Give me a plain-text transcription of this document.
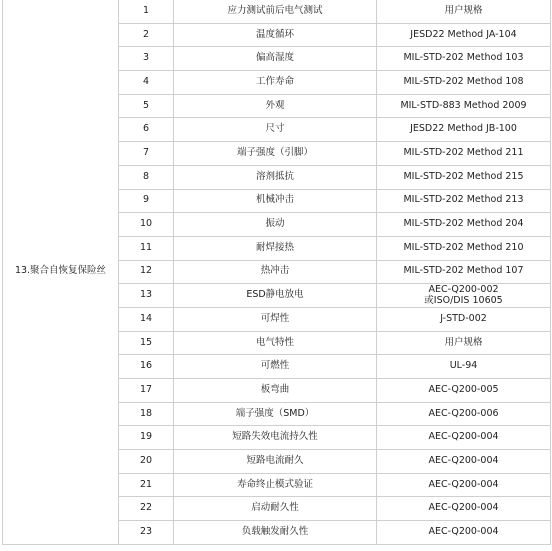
13.聚合自恢复保险丝	1	应力测试前后电气测试	用户规格
	2	温度循环	JESD22 Method JA-104
	3	偏高湿度	MIL-STD-202 Method 103
	4	工作寿命	MIL-STD-202 Method 108
	5	外观	MIL-STD-883 Method 2009
	6	尺寸	JESD22 Method JB-100
	7	端子强度（引脚）	MIL-STD-202 Method 211
	8	溶剂抵抗	MIL-STD-202 Method 215
	9	机械冲击	MIL-STD-202 Method 213
	10	振动	MIL-STD-202 Method 204
	11	耐焊接热	MIL-STD-202 Method 210
	12	热冲击	MIL-STD-202 Method 107
	13	ESD静电放电	AEC-Q200-002
或ISO/DIS 10605

	14	可焊性	J-STD-002
	15	电气特性	用户规格
	16	可燃性	UL-94
	17	板弯曲	AEC-Q200-005
	18	端子强度（SMD）	AEC-Q200-006
	19	短路失效电流持久性	AEC-Q200-004
	20	短路电流耐久	AEC-Q200-004
	21	寿命终止模式验证	AEC-Q200-004
	22	启动耐久性	AEC-Q200-004
	23	负载触发耐久性	AEC-Q200-004
